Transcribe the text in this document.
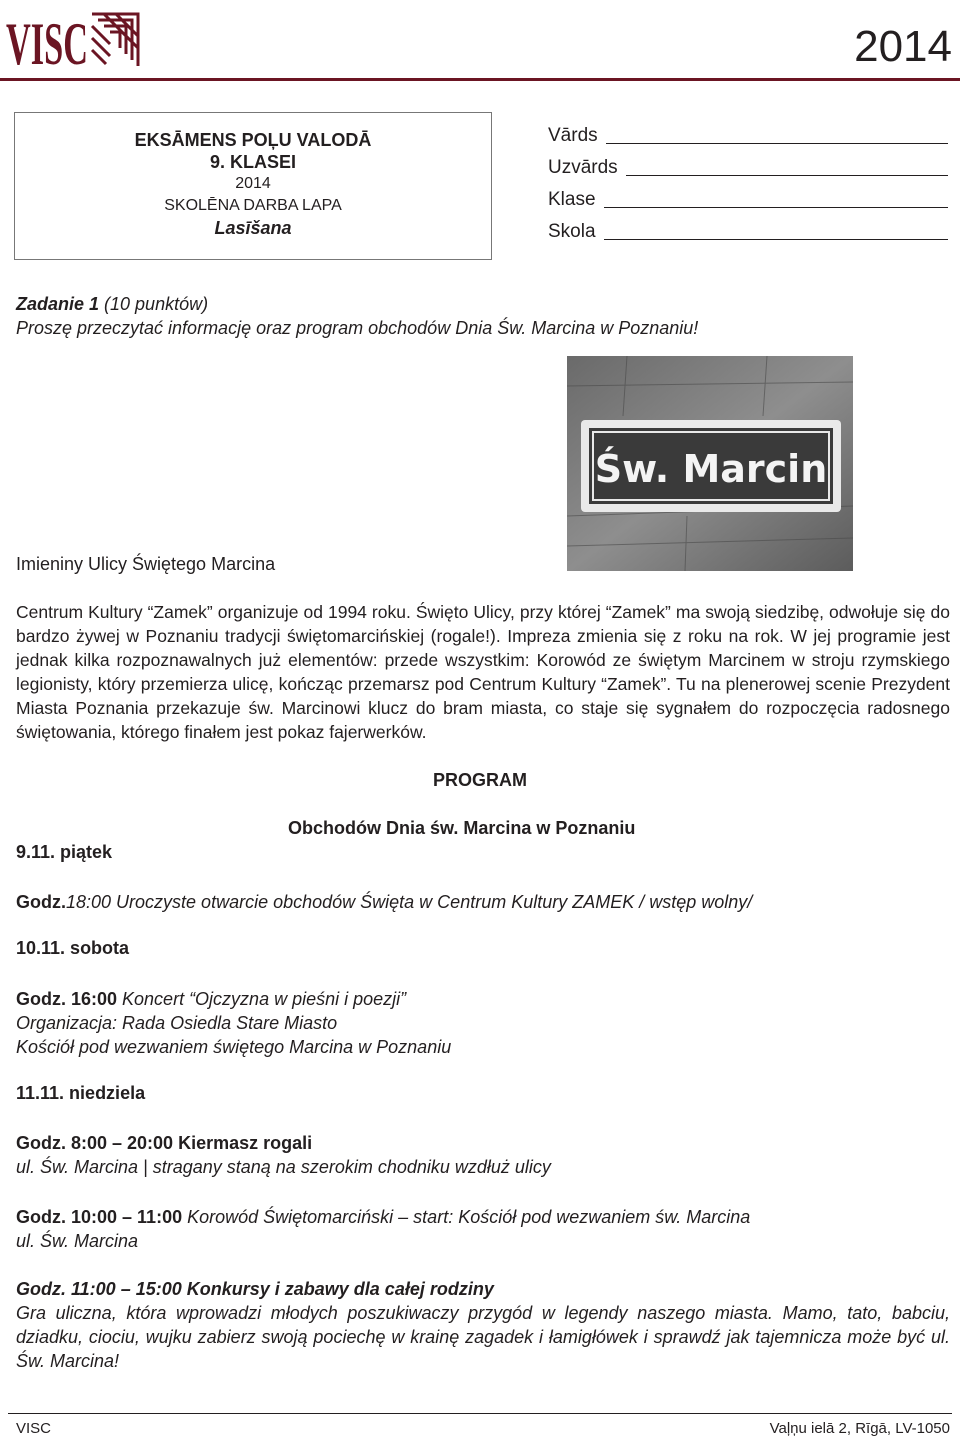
VISC	2014
EKSĀMENS POĻU VALODĀ
9. KLASEI
2014
SKOLĒNA DARBA LAPA
Lasīšana
Vārds
Uzvārds
Klase
Skola
Zadanie 1 (10 punktów)
Proszę przeczytać informację oraz program obchodów Dnia Św. Marcina w Poznaniu!
Św. Marcin
Imieniny Ulicy Świętego Marcina
Centrum Kultury “Zamek” organizuje od 1994 roku. Święto Ulicy, przy której “Zamek” ma swoją siedzibę, odwołuje się do bardzo żywej w Poznaniu tradycji świętomarcińskiej (rogale!). Impreza zmienia się z roku na rok. W jej programie jest jednak kilka rozpoznawalnych już elementów: przede wszystkim: Korowód ze świętym Marcinem w stroju rzymskiego legionisty, który przemierza ulicę, kończąc przemarsz pod Centrum Kultury “Zamek”. Tu na plenerowej scenie Prezydent Miasta Poznania przekazuje św. Marcinowi klucz do bram miasta, co staje się sygnałem do rozpoczęcia radosnego świętowania, którego finałem jest pokaz fajerwerków.
PROGRAM
Obchodów Dnia św. Marcina w Poznaniu
9.11. piątek
Godz.18:00 Uroczyste otwarcie obchodów Święta w Centrum Kultury ZAMEK / wstęp wolny/
10.11. sobota
Godz. 16:00 Koncert “Ojczyzna w pieśni i poezji”
Organizacja: Rada Osiedla Stare Miasto
Kościół pod wezwaniem świętego Marcina w Poznaniu
11.11. niedziela
Godz. 8:00 – 20:00 Kiermasz rogali
ul. Św. Marcina | stragany staną na szerokim chodniku wzdłuż ulicy
Godz. 10:00 – 11:00 Korowód Świętomarciński – start: Kościół pod wezwaniem św. Marcina
ul. Św. Marcina
Godz. 11:00 – 15:00 Konkursy i zabawy dla całej rodziny
Gra uliczna, która wprowadzi młodych poszukiwaczy przygód w legendy naszego miasta. Mamo, tato, babciu, dziadku, ciociu, wujku zabierz swoją pociechę w krainę zagadek i łamigłówek i sprawdź jak tajemnicza może być ul. Św. Marcina!
VISC	Vaļņu ielā 2, Rīgā, LV-1050
